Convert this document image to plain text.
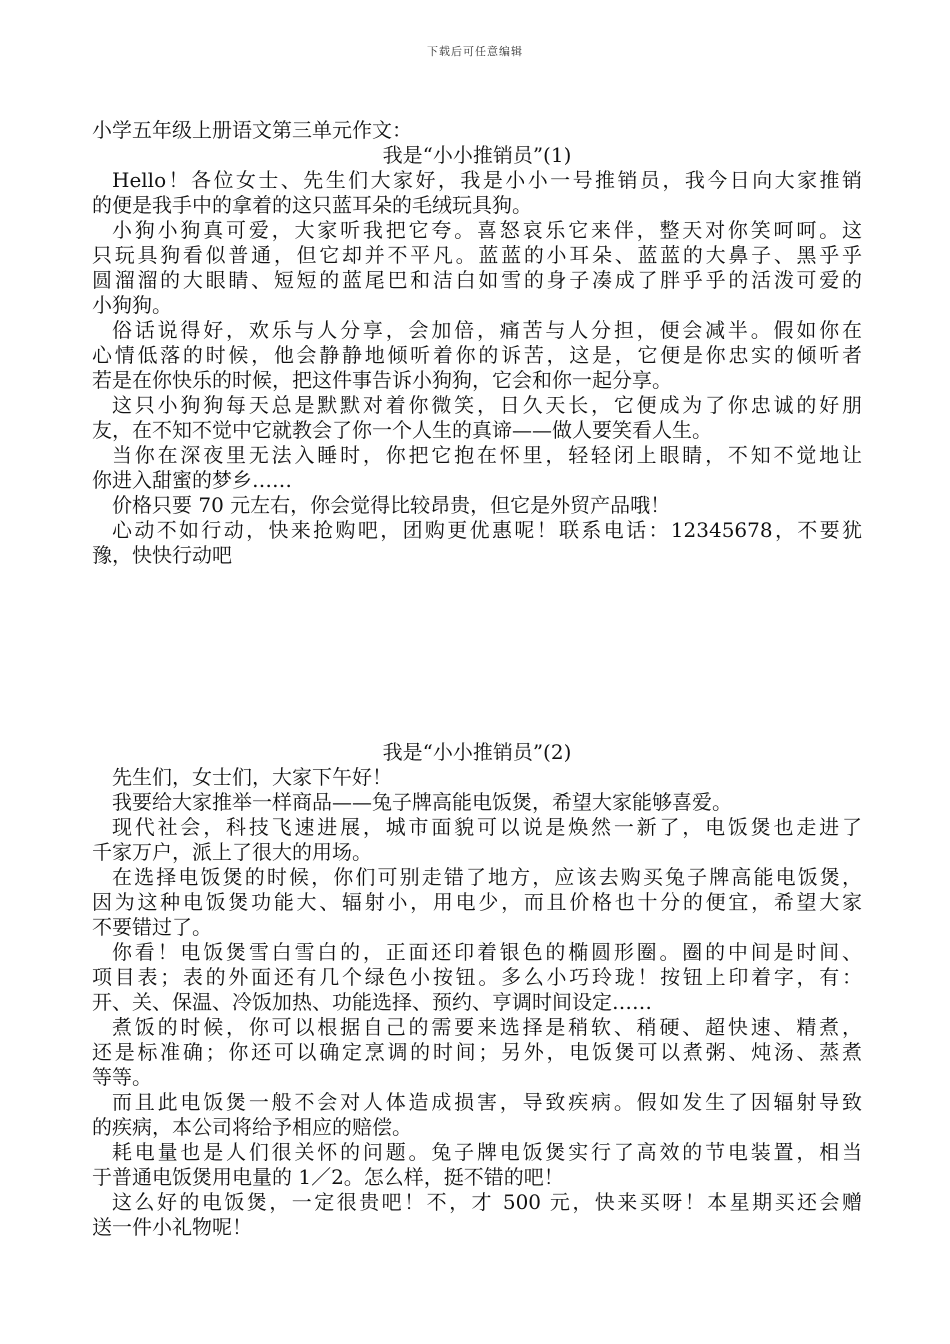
下载后可任意编辑
小学五年级上册语文第三单元作文：
我是“小小推销员”(1)
Hello！各位女士、先生们大家好，我是小小一号推销员，我今日向大家推销
的便是我手中的拿着的这只蓝耳朵的毛绒玩具狗。
小狗小狗真可爱，大家听我把它夸。喜怒哀乐它来伴，整天对你笑呵呵。这
只玩具狗看似普通，但它却并不平凡。蓝蓝的小耳朵、蓝蓝的大鼻子、黑乎乎
圆溜溜的大眼睛、短短的蓝尾巴和洁白如雪的身子凑成了胖乎乎的活泼可爱的
小狗狗。
俗话说得好，欢乐与人分享，会加倍，痛苦与人分担，便会减半。假如你在
心情低落的时候，他会静静地倾听着你的诉苦，这是，它便是你忠实的倾听者
若是在你快乐的时候，把这件事告诉小狗狗，它会和你一起分享。
这只小狗狗每天总是默默对着你微笑，日久天长，它便成为了你忠诚的好朋
友，在不知不觉中它就教会了你一个人生的真谛——做人要笑看人生。
当你在深夜里无法入睡时，你把它抱在怀里，轻轻闭上眼睛，不知不觉地让
你进入甜蜜的梦乡……
价格只要 70 元左右，你会觉得比较昂贵，但它是外贸产品哦！
心动不如行动，快来抢购吧，团购更优惠呢！联系电话：12345678，不要犹
豫，快快行动吧
我是“小小推销员”(2)
先生们，女士们，大家下午好！
我要给大家推举一样商品——兔子牌高能电饭煲，希望大家能够喜爱。
现代社会，科技飞速进展，城市面貌可以说是焕然一新了，电饭煲也走进了
千家万户，派上了很大的用场。
在选择电饭煲的时候，你们可别走错了地方，应该去购买兔子牌高能电饭煲，
因为这种电饭煲功能大、辐射小，用电少，而且价格也十分的便宜，希望大家
不要错过了。
你看！电饭煲雪白雪白的，正面还印着银色的椭圆形圈。圈的中间是时间、
项目表；表的外面还有几个绿色小按钮。多么小巧玲珑！按钮上印着字，有：
开、关、保温、冷饭加热、功能选择、预约、亨调时间设定……
煮饭的时候，你可以根据自己的需要来选择是稍软、稍硬、超快速、精煮，
还是标准确；你还可以确定烹调的时间；另外，电饭煲可以煮粥、炖汤、蒸煮
等等。
而且此电饭煲一般不会对人体造成损害，导致疾病。假如发生了因辐射导致
的疾病，本公司将给予相应的赔偿。
耗电量也是人们很关怀的问题。兔子牌电饭煲实行了高效的节电装置，相当
于普通电饭煲用电量的 1／2。怎么样，挺不错的吧！
这么好的电饭煲，一定很贵吧！不，才 500 元，快来买呀！本星期买还会赠
送一件小礼物呢！
